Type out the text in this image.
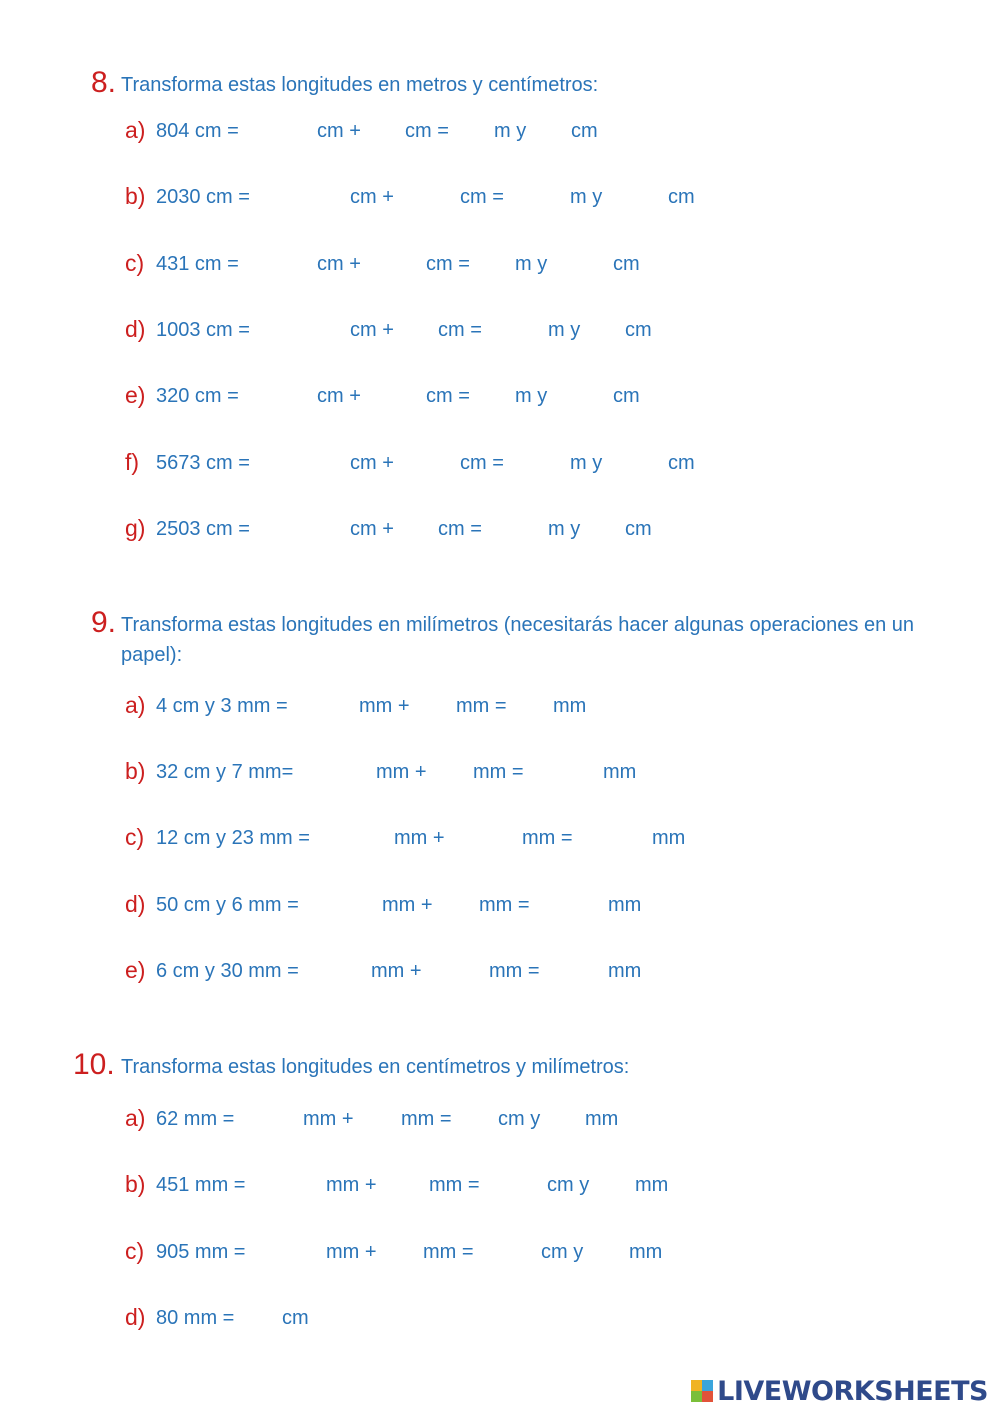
8. Transforma estas longitudes en metros y centímetros:
9. Transforma estas longitudes en milímetros (necesitarás hacer algunas operaciones en un papel):
10. Transforma estas longitudes en centímetros y milímetros:
a) 804 cm =	cm + cm = m y cm
b) 2030 cm =	cm +	cm =	m y	cm
c) 431 cm =	cm +	cm = m y	cm
d) 1003 cm =	cm + cm =	m y cm
e) 320 cm =	cm +	cm = m y	cm
f) 5673 cm =	cm +	cm =	m y	cm
g) 2503 cm =	cm + cm =	m y cm
a) 4 cm y 3 mm =	mm + mm = mm
b) 32 cm y 7 mm=	mm + mm =	mm
c) 12 cm y 23 mm =	mm +	mm =	mm
d) 50 cm y 6 mm =	mm + mm =	mm
e) 6 cm y 30 mm =	mm +	mm =	mm
a) 62 mm =	mm + mm = cm y mm
b) 451 mm =	mm +	mm =	cm y mm
c) 905 mm =	mm + mm =	cm y mm
d) 80 mm = cm
LIVEWORKSHEETS
